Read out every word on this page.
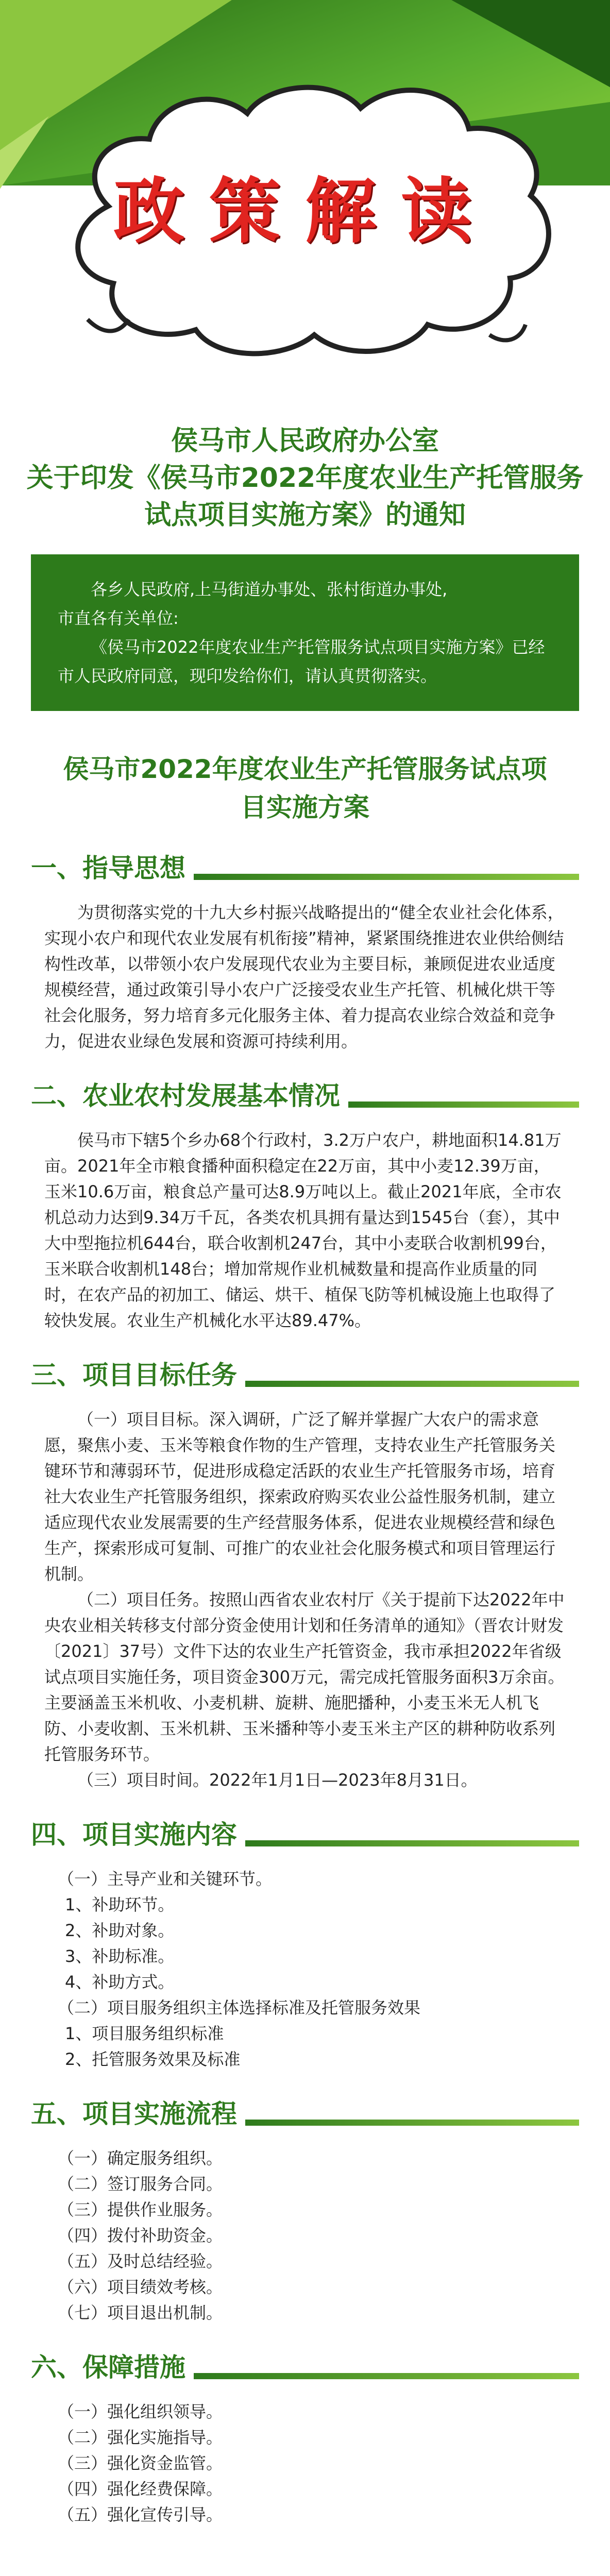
政策解读
侯马市人民政府办公室
关于印发《侯马市2022年度农业生产托管服务
试点项目实施方案》的通知

各乡人民政府,上马街道办事处、张村街道办事处,

市直各有关单位:

《侯马市2022年度农业生产托管服务试点项目实施方案》已经市人民政府同意，现印发给你们，请认真贯彻落实。

侯马市2022年度农业生产托管服务试点项目实施方案
一、指导思想

为贯彻落实党的十九大乡村振兴战略提出的“健全农业社会化体系，实现小农户和现代农业发展有机衔接”精神，紧紧围绕推进农业供给侧结构性改革，以带领小农户发展现代农业为主要目标，兼顾促进农业适度规模经营，通过政策引导小农户广泛接受农业生产托管、机械化烘干等社会化服务，努力培育多元化服务主体、着力提高农业综合效益和竞争力，促进农业绿色发展和资源可持续利用。

二、农业农村发展基本情况

侯马市下辖5个乡办68个行政村，3.2万户农户，耕地面积14.81万亩。2021年全市粮食播种面积稳定在22万亩，其中小麦12.39万亩，玉米10.6万亩，粮食总产量可达8.9万吨以上。截止2021年底，全市农机总动力达到9.34万千瓦，各类农机具拥有量达到1545台（套），其中大中型拖拉机644台，联合收割机247台，其中小麦联合收割机99台，玉米联合收割机148台；增加常规作业机械数量和提高作业质量的同时，在农产品的初加工、储运、烘干、植保飞防等机械设施上也取得了较快发展。农业生产机械化水平达89.47%。

三、项目目标任务

（一）项目目标。深入调研，广泛了解并掌握广大农户的需求意愿，聚焦小麦、玉米等粮食作物的生产管理，支持农业生产托管服务关键环节和薄弱环节，促进形成稳定活跃的农业生产托管服务市场，培育社大农业生产托管服务组织，探索政府购买农业公益性服务机制，建立适应现代农业发展需要的生产经营服务体系，促进农业规模经营和绿色生产，探索形成可复制、可推广的农业社会化服务模式和项目管理运行机制。

（二）项目任务。按照山西省农业农村厅《关于提前下达2022年中央农业相关转移支付部分资金使用计划和任务清单的通知》（晋农计财发〔2021〕37号）文件下达的农业生产托管资金，我市承担2022年省级试点项目实施任务，项目资金300万元，需完成托管服务面积3万余亩。主要涵盖玉米机收、小麦机耕、旋耕、施肥播种，小麦玉米无人机飞防、小麦收割、玉米机耕、玉米播种等小麦玉米主产区的耕种防收系列托管服务环节。

（三）项目时间。2022年1月1日—2023年8月31日。

四、项目实施内容

（一）主导产业和关键环节。

1、补助环节。

2、补助对象。

3、补助标准。

4、补助方式。

（二）项目服务组织主体选择标准及托管服务效果

1、项目服务组织标准

2、托管服务效果及标准

五、项目实施流程

（一）确定服务组织。

（二）签订服务合同。

（三）提供作业服务。

（四）拨付补助资金。

（五）及时总结经验。

（六）项目绩效考核。

（七）项目退出机制。

六、保障措施

（一）强化组织领导。

（二）强化实施指导。

（三）强化资金监管。

（四）强化经费保障。

（五）强化宣传引导。
